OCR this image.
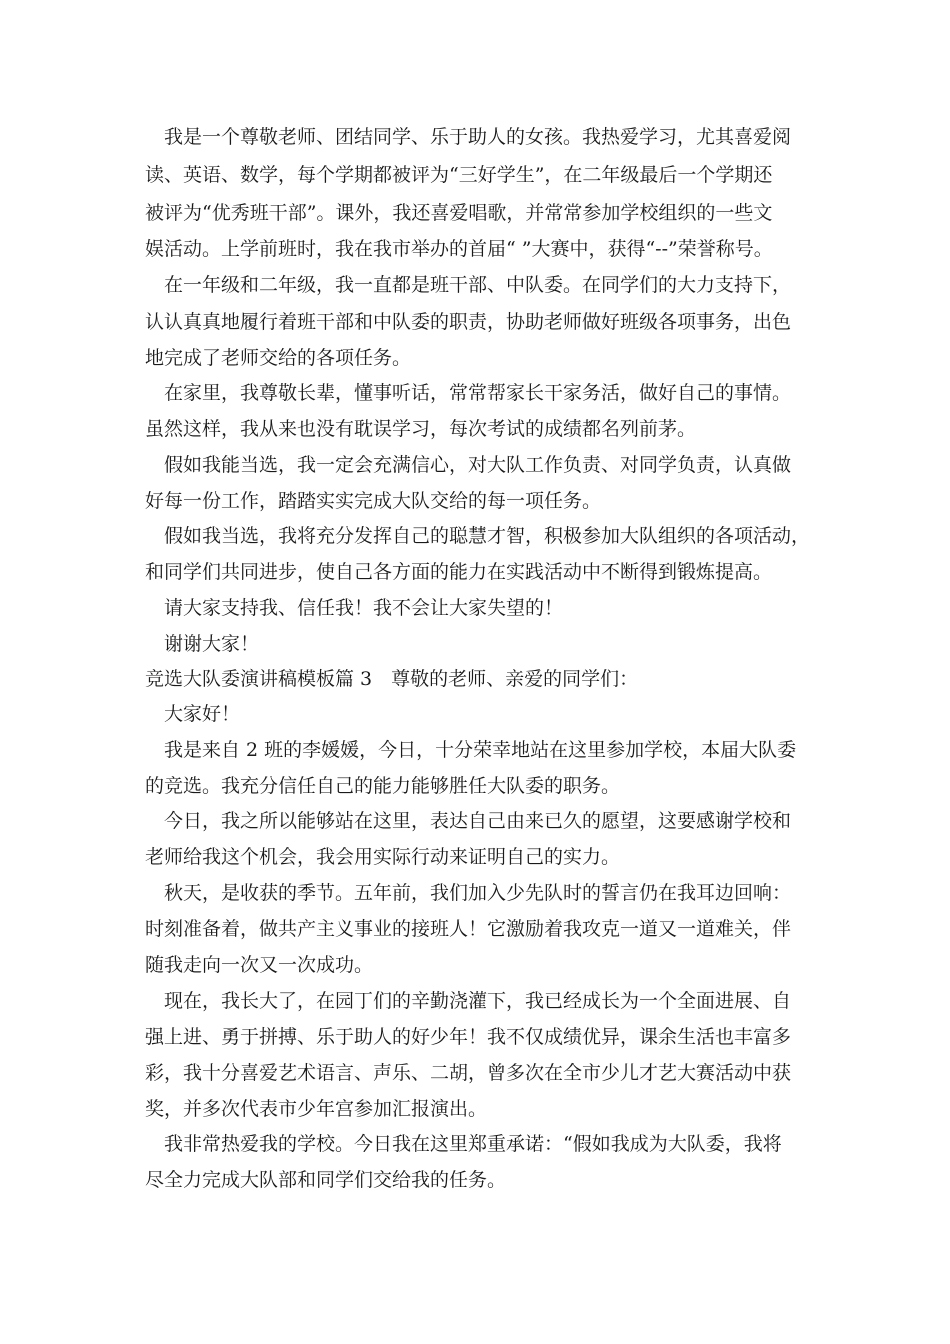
我是一个尊敬老师、团结同学、乐于助人的女孩。我热爱学习，尤其喜爱阅
读、英语、数学，每个学期都被评为“三好学生”，在二年级最后一个学期还
被评为“优秀班干部”。课外，我还喜爱唱歌，并常常参加学校组织的一些文
娱活动。上学前班时，我在我市举办的首届“ ”大赛中，获得“--”荣誉称号。
在一年级和二年级，我一直都是班干部、中队委。在同学们的大力支持下，
认认真真地履行着班干部和中队委的职责，协助老师做好班级各项事务，出色
地完成了老师交给的各项任务。
在家里，我尊敬长辈，懂事听话，常常帮家长干家务活，做好自己的事情。
虽然这样，我从来也没有耽误学习，每次考试的成绩都名列前茅。
假如我能当选，我一定会充满信心，对大队工作负责、对同学负责，认真做
好每一份工作，踏踏实实完成大队交给的每一项任务。
假如我当选，我将充分发挥自己的聪慧才智，积极参加大队组织的各项活动，
和同学们共同进步，使自己各方面的能力在实践活动中不断得到锻炼提高。
请大家支持我、信任我！我不会让大家失望的！
谢谢大家！
竞选大队委演讲稿模板篇 3　尊敬的老师、亲爱的同学们：
大家好！
我是来自 2 班的李媛媛，今日，十分荣幸地站在这里参加学校，本届大队委
的竞选。我充分信任自己的能力能够胜任大队委的职务。
今日，我之所以能够站在这里，表达自己由来已久的愿望，这要感谢学校和
老师给我这个机会，我会用实际行动来证明自己的实力。
秋天，是收获的季节。五年前，我们加入少先队时的誓言仍在我耳边回响：
时刻准备着，做共产主义事业的接班人！它激励着我攻克一道又一道难关，伴
随我走向一次又一次成功。
现在，我长大了，在园丁们的辛勤浇灌下，我已经成长为一个全面进展、自
强上进、勇于拼搏、乐于助人的好少年！我不仅成绩优异，课余生活也丰富多
彩，我十分喜爱艺术语言、声乐、二胡，曾多次在全市少儿才艺大赛活动中获
奖，并多次代表市少年宫参加汇报演出。
我非常热爱我的学校。今日我在这里郑重承诺：“假如我成为大队委，我将
尽全力完成大队部和同学们交给我的任务。
